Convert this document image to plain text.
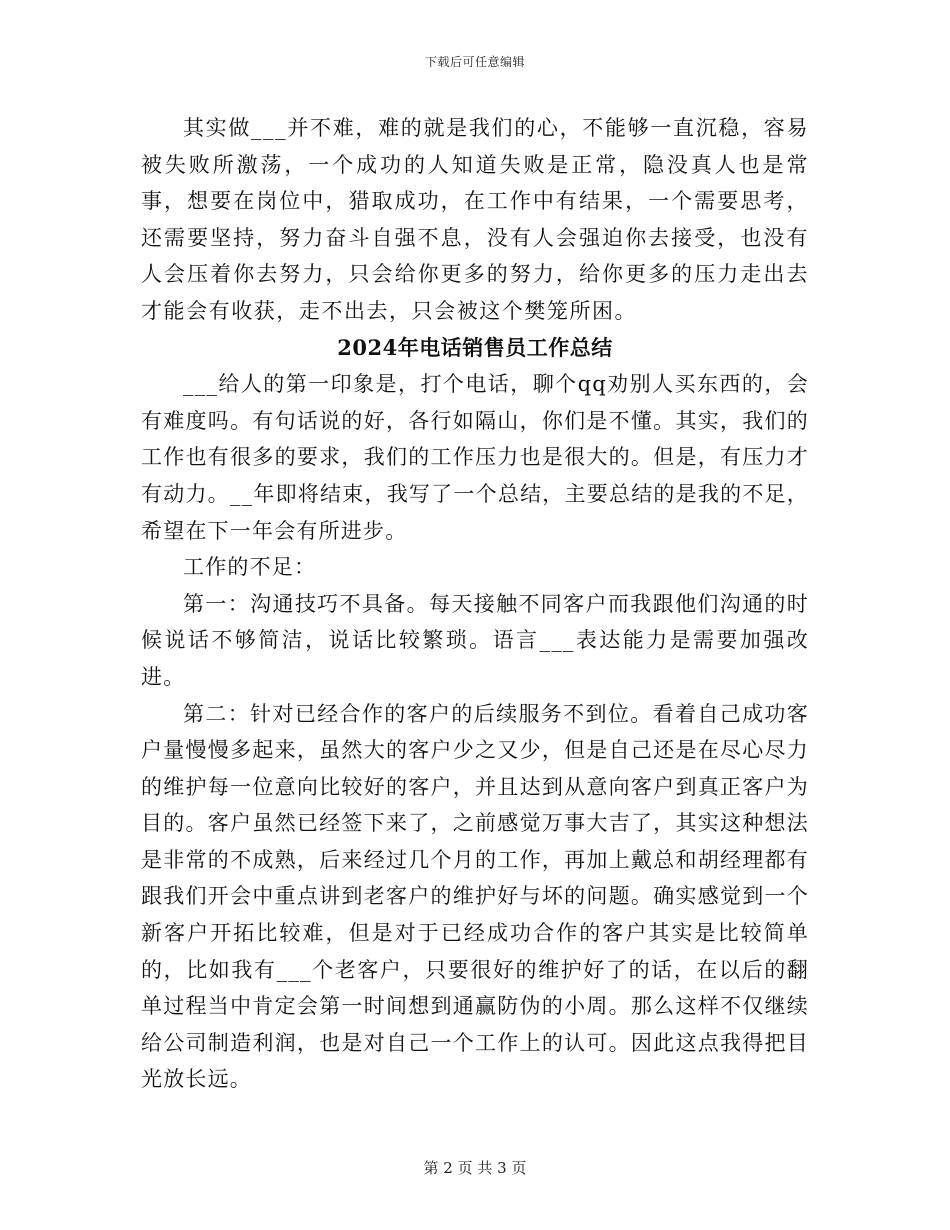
下载后可任意编辑

其实做___并不难，难的就是我们的心，不能够一直沉稳，容易被失败所激荡，一个成功的人知道失败是正常，隐没真人也是常事，想要在岗位中，猎取成功，在工作中有结果，一个需要思考，还需要坚持，努力奋斗自强不息，没有人会强迫你去接受，也没有人会压着你去努力，只会给你更多的努力，给你更多的压力走出去才能会有收获，走不出去，只会被这个樊笼所困。

2024年电话销售员工作总结

___给人的第一印象是，打个电话，聊个qq劝别人买东西的，会有难度吗。有句话说的好，各行如隔山，你们是不懂。其实，我们的工作也有很多的要求，我们的工作压力也是很大的。但是，有压力才有动力。__年即将结束，我写了一个总结，主要总结的是我的不足，希望在下一年会有所进步。

工作的不足：

第一：沟通技巧不具备。每天接触不同客户而我跟他们沟通的时候说话不够简洁，说话比较繁琐。语言___表达能力是需要加强改进。

第二：针对已经合作的客户的后续服务不到位。看着自己成功客户量慢慢多起来，虽然大的客户少之又少，但是自己还是在尽心尽力的维护每一位意向比较好的客户，并且达到从意向客户到真正客户为目的。客户虽然已经签下来了，之前感觉万事大吉了，其实这种想法是非常的不成熟，后来经过几个月的工作，再加上戴总和胡经理都有跟我们开会中重点讲到老客户的维护好与坏的问题。确实感觉到一个新客户开拓比较难，但是对于已经成功合作的客户其实是比较简单的，比如我有___个老客户，只要很好的维护好了的话，在以后的翻单过程当中肯定会第一时间想到通赢防伪的小周。那么这样不仅继续给公司制造利润，也是对自己一个工作上的认可。因此这点我得把目光放长远。

第 2 页 共 3 页
